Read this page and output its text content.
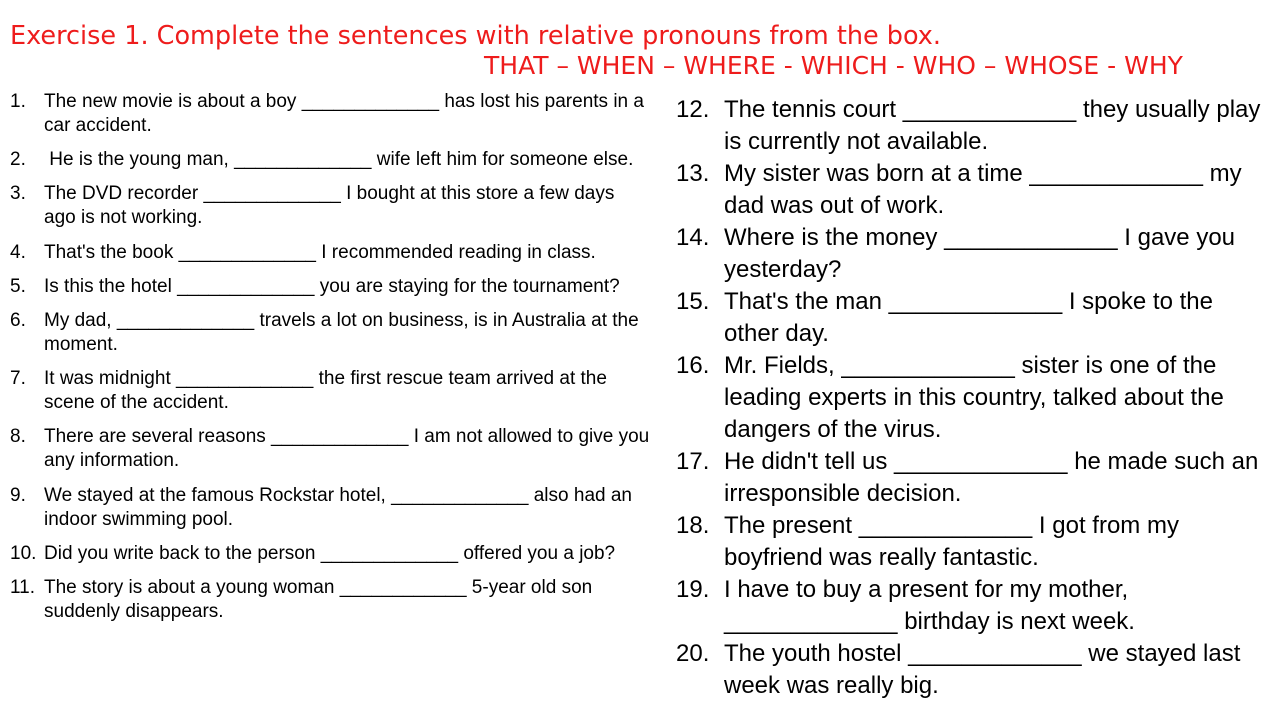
Exercise 1. Complete the sentences with relative pronouns from the box.
THAT – WHEN – WHERE - WHICH - WHO – WHOSE - WHY
1. The new movie is about a boy _____________ has lost his parents in a car accident.
2. He is the young man, _____________ wife left him for someone else.
3. The DVD recorder _____________ I bought at this store a few days ago is not working.
4. That's the book _____________ I recommended reading in class.
5. Is this the hotel _____________ you are staying for the tournament?
6. My dad, _____________ travels a lot on business, is in Australia at the moment.
7. It was midnight _____________ the first rescue team arrived at the scene of the accident.
8. There are several reasons _____________ I am not allowed to give you any information.
9. We stayed at the famous Rockstar hotel, _____________ also had an indoor swimming pool.
10. Did you write back to the person _____________ offered you a job?
11. The story is about a young woman ____________ 5-year old son suddenly disappears.
12. The tennis court _____________ they usually play is currently not available.
13. My sister was born at a time _____________ my dad was out of work.
14. Where is the money _____________ I gave you yesterday?
15. That's the man _____________ I spoke to the other day.
16. Mr. Fields, _____________ sister is one of the leading experts in this country, talked about the dangers of the virus.
17. He didn't tell us _____________ he made such an irresponsible decision.
18. The present _____________ I got from my boyfriend was really fantastic.
19. I have to buy a present for my mother, _____________ birthday is next week.
20. The youth hostel _____________ we stayed last week was really big.
